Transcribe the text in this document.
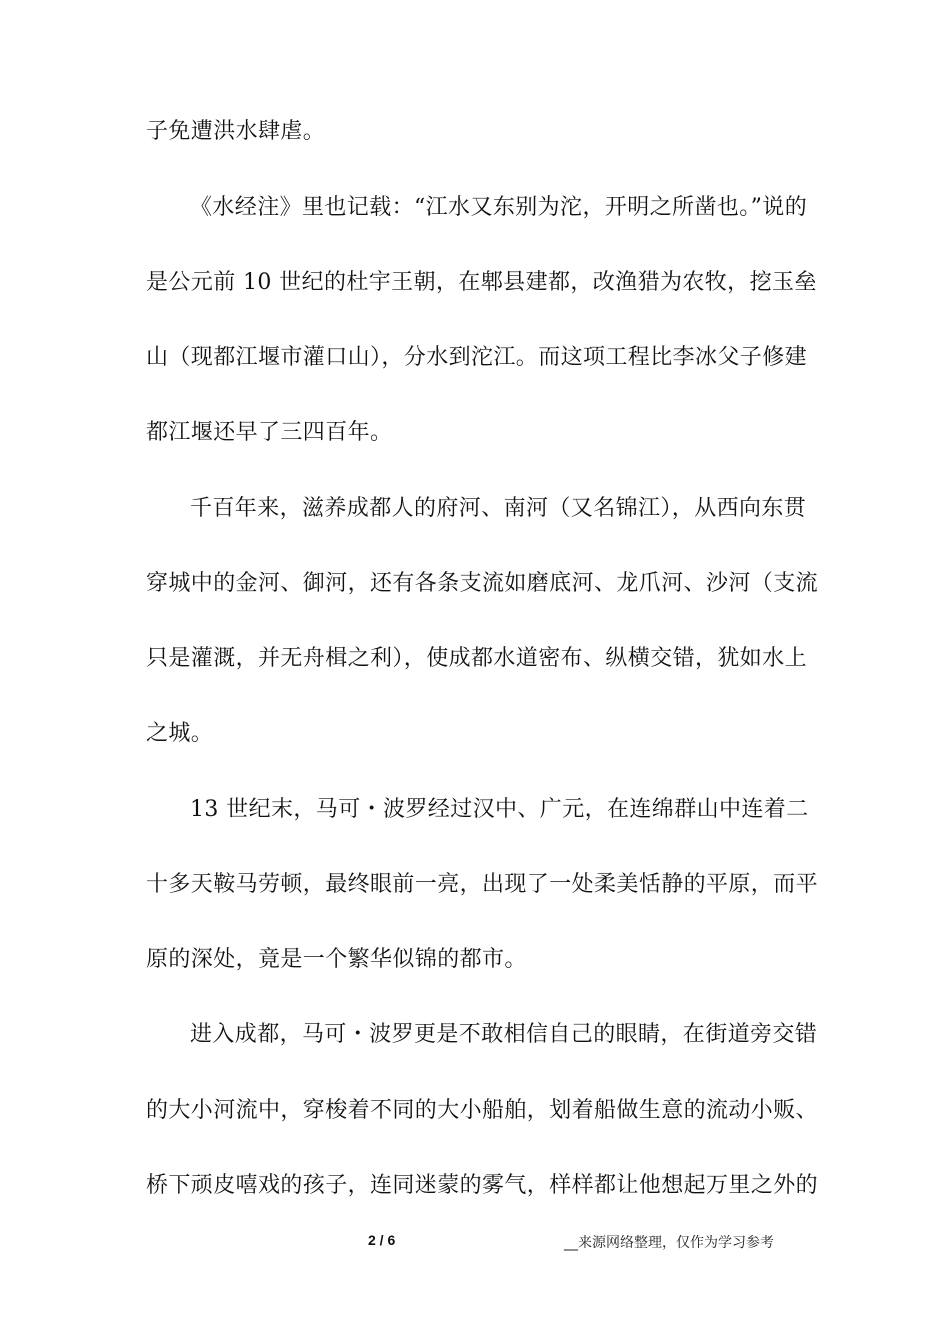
子免遭洪水肆虐。
《水经注》里也记载：“江水又东别为沱，开明之所凿也。”说的
是公元前 10 世纪的杜宇王朝，在郫县建都，改渔猎为农牧，挖玉垒
山（现都江堰市灌口山），分水到沱江。而这项工程比李冰父子修建
都江堰还早了三四百年。
千百年来，滋养成都人的府河、南河（又名锦江），从西向东贯
穿城中的金河、御河，还有各条支流如磨底河、龙爪河、沙河（支流
只是灌溉，并无舟楫之利），使成都水道密布、纵横交错，犹如水上
之城。
13 世纪末，马可・波罗经过汉中、广元，在连绵群山中连着二
十多天鞍马劳顿，最终眼前一亮，出现了一处柔美恬静的平原，而平
原的深处，竟是一个繁华似锦的都市。
进入成都，马可・波罗更是不敢相信自己的眼睛，在街道旁交错
的大小河流中，穿梭着不同的大小船舶，划着船做生意的流动小贩、
桥下顽皮嘻戏的孩子，连同迷蒙的雾气，样样都让他想起万里之外的
2 / 6	__来源网络整理，仅作为学习参考
